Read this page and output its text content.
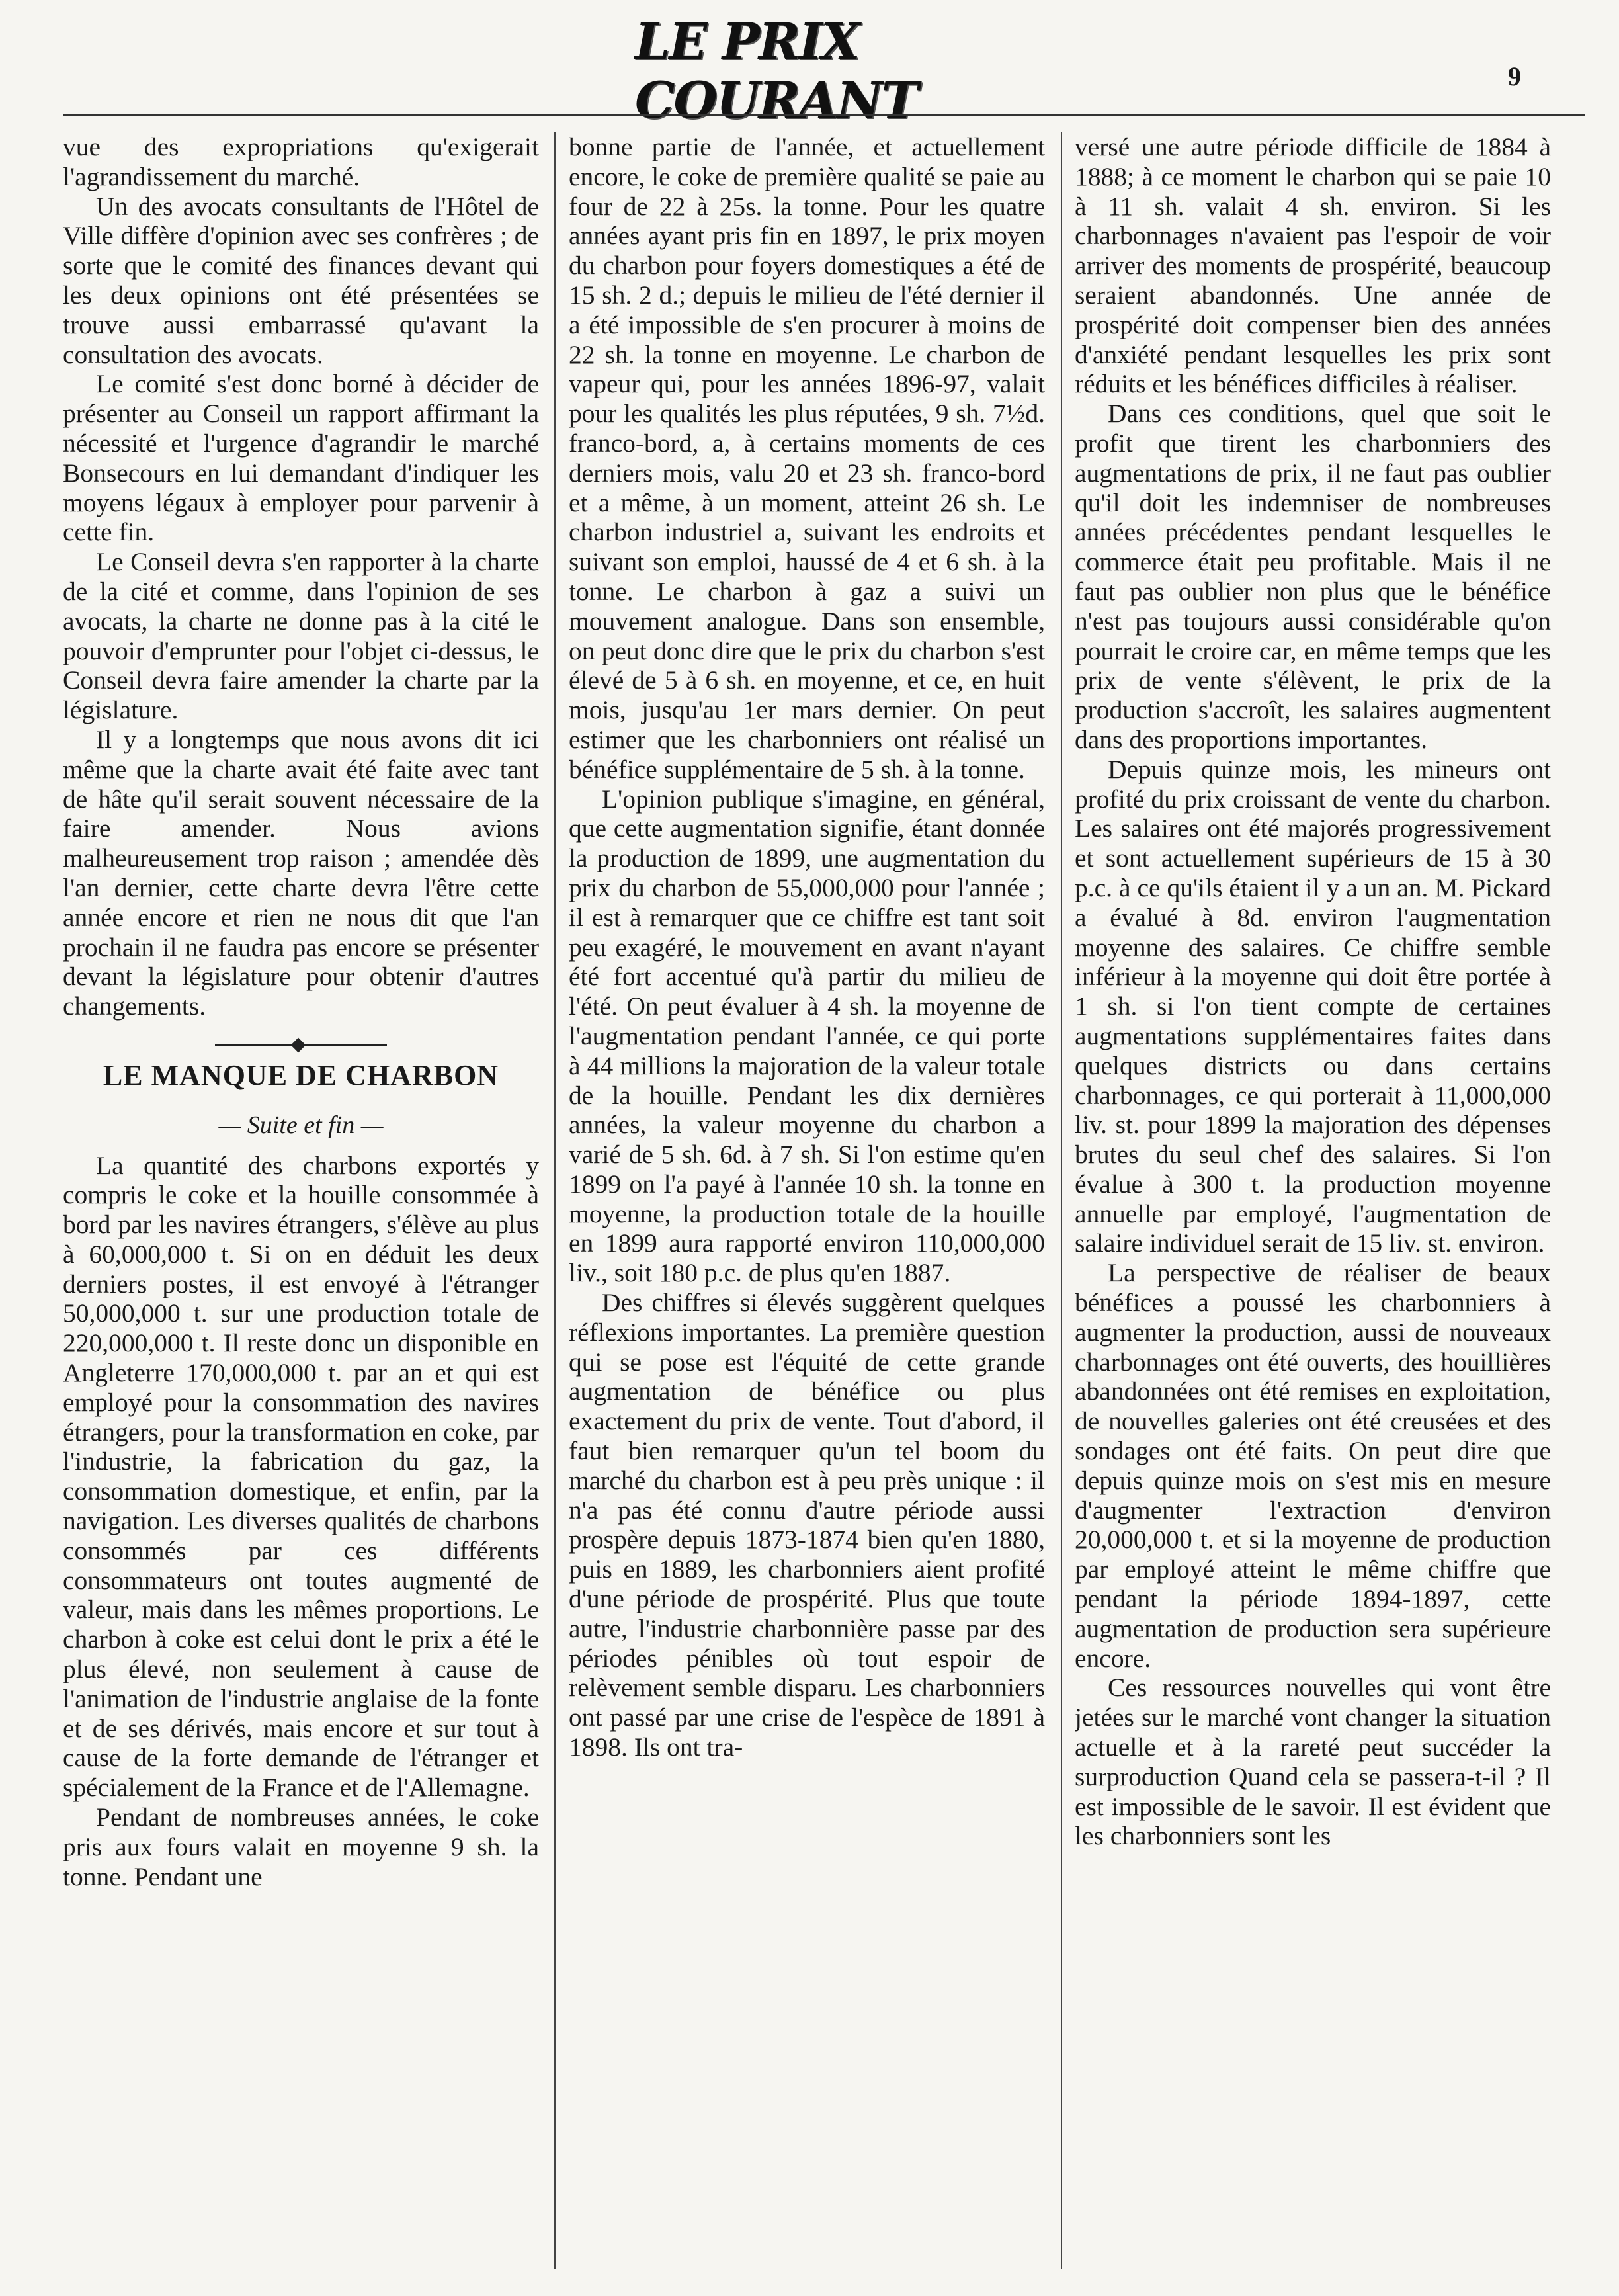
LE PRIX COURANT	9

vue des expropriations qu'exigerait l'agrandissement du marché.

Un des avocats consultants de l'Hôtel de Ville diffère d'opinion avec ses confrères ; de sorte que le comité des finances devant qui les deux opinions ont été présentées se trouve aussi embarrassé qu'avant la consultation des avocats.

Le comité s'est donc borné à décider de présenter au Conseil un rapport affirmant la nécessité et l'urgence d'agrandir le marché Bonsecours en lui demandant d'indiquer les moyens légaux à employer pour parvenir à cette fin.

Le Conseil devra s'en rapporter à la charte de la cité et comme, dans l'opinion de ses avocats, la charte ne donne pas à la cité le pouvoir d'emprunter pour l'objet ci-dessus, le Conseil devra faire amender la charte par la législature.

Il y a longtemps que nous avons dit ici même que la charte avait été faite avec tant de hâte qu'il serait souvent nécessaire de la faire amender. Nous avions malheureusement trop raison ; amendée dès l'an dernier, cette charte devra l'être cette année encore et rien ne nous dit que l'an prochain il ne faudra pas encore se présenter devant la législature pour obtenir d'autres changements.

LE MANQUE DE CHARBON
— Suite et fin —

La quantité des charbons exportés y compris le coke et la houille consommée à bord par les navires étrangers, s'élève au plus à 60,000,000 t. Si on en déduit les deux derniers postes, il est envoyé à l'étranger 50,000,000 t. sur une production totale de 220,000,000 t. Il reste donc un disponible en Angleterre 170,000,000 t. par an et qui est employé pour la consommation des navires étrangers, pour la transformation en coke, par l'industrie, la fabrication du gaz, la consommation domestique, et enfin, par la navigation. Les diverses qualités de charbons consommés par ces différents consommateurs ont toutes augmenté de valeur, mais dans les mêmes proportions. Le charbon à coke est celui dont le prix a été le plus élevé, non seulement à cause de l'animation de l'industrie anglaise de la fonte et de ses dérivés, mais encore et sur tout à cause de la forte demande de l'étranger et spécialement de la France et de l'Allemagne.

Pendant de nombreuses années, le coke pris aux fours valait en moyenne 9 sh. la tonne. Pendant une

bonne partie de l'année, et actuellement encore, le coke de première qualité se paie au four de 22 à 25s. la tonne. Pour les quatre années ayant pris fin en 1897, le prix moyen du charbon pour foyers domestiques a été de 15 sh. 2 d.; depuis le milieu de l'été dernier il a été impossible de s'en procurer à moins de 22 sh. la tonne en moyenne. Le charbon de vapeur qui, pour les années 1896-97, valait pour les qualités les plus réputées, 9 sh. 7½d. franco-bord, a, à certains moments de ces derniers mois, valu 20 et 23 sh. franco-bord et a même, à un moment, atteint 26 sh. Le charbon industriel a, suivant les endroits et suivant son emploi, haussé de 4 et 6 sh. à la tonne. Le charbon à gaz a suivi un mouvement analogue. Dans son ensemble, on peut donc dire que le prix du charbon s'est élevé de 5 à 6 sh. en moyenne, et ce, en huit mois, jusqu'au 1er mars dernier. On peut estimer que les charbonniers ont réalisé un bénéfice supplémentaire de 5 sh. à la tonne.

L'opinion publique s'imagine, en général, que cette augmentation signifie, étant donnée la production de 1899, une augmentation du prix du charbon de 55,000,000 pour l'année ; il est à remarquer que ce chiffre est tant soit peu exagéré, le mouvement en avant n'ayant été fort accentué qu'à partir du milieu de l'été. On peut évaluer à 4 sh. la moyenne de l'augmentation pendant l'année, ce qui porte à 44 millions la majoration de la valeur totale de la houille. Pendant les dix dernières années, la valeur moyenne du charbon a varié de 5 sh. 6d. à 7 sh. Si l'on estime qu'en 1899 on l'a payé à l'année 10 sh. la tonne en moyenne, la production totale de la houille en 1899 aura rapporté environ 110,000,000 liv., soit 180 p.c. de plus qu'en 1887.

Des chiffres si élevés suggèrent quelques réflexions importantes. La première question qui se pose est l'équité de cette grande augmentation de bénéfice ou plus exactement du prix de vente. Tout d'abord, il faut bien remarquer qu'un tel boom du marché du charbon est à peu près unique : il n'a pas été connu d'autre période aussi prospère depuis 1873-1874 bien qu'en 1880, puis en 1889, les charbonniers aient profité d'une période de prospérité. Plus que toute autre, l'industrie charbonnière passe par des périodes pénibles où tout espoir de relèvement semble disparu. Les charbonniers ont passé par une crise de l'espèce de 1891 à 1898. Ils ont tra-

versé une autre période difficile de 1884 à 1888; à ce moment le charbon qui se paie 10 à 11 sh. valait 4 sh. environ. Si les charbonnages n'avaient pas l'espoir de voir arriver des moments de prospérité, beaucoup seraient abandonnés. Une année de prospérité doit compenser bien des années d'anxiété pendant lesquelles les prix sont réduits et les bénéfices difficiles à réaliser.

Dans ces conditions, quel que soit le profit que tirent les charbonniers des augmentations de prix, il ne faut pas oublier qu'il doit les indemniser de nombreuses années précédentes pendant lesquelles le commerce était peu profitable. Mais il ne faut pas oublier non plus que le bénéfice n'est pas toujours aussi considérable qu'on pourrait le croire car, en même temps que les prix de vente s'élèvent, le prix de la production s'accroît, les salaires augmentent dans des proportions importantes.

Depuis quinze mois, les mineurs ont profité du prix croissant de vente du charbon. Les salaires ont été majorés progressivement et sont actuellement supérieurs de 15 à 30 p.c. à ce qu'ils étaient il y a un an. M. Pickard a évalué à 8d. environ l'augmentation moyenne des salaires. Ce chiffre semble inférieur à la moyenne qui doit être portée à 1 sh. si l'on tient compte de certaines augmentations supplémentaires faites dans quelques districts ou dans certains charbonnages, ce qui porterait à 11,000,000 liv. st. pour 1899 la majoration des dépenses brutes du seul chef des salaires. Si l'on évalue à 300 t. la production moyenne annuelle par employé, l'augmentation de salaire individuel serait de 15 liv. st. environ.

La perspective de réaliser de beaux bénéfices a poussé les charbonniers à augmenter la production, aussi de nouveaux charbonnages ont été ouverts, des houillières abandonnées ont été remises en exploitation, de nouvelles galeries ont été creusées et des sondages ont été faits. On peut dire que depuis quinze mois on s'est mis en mesure d'augmenter l'extraction d'environ 20,000,000 t. et si la moyenne de production par employé atteint le même chiffre que pendant la période 1894-1897, cette augmentation de production sera supérieure encore.

Ces ressources nouvelles qui vont être jetées sur le marché vont changer la situation actuelle et à la rareté peut succéder la surproduction Quand cela se passera-t-il ? Il est impossible de le savoir. Il est évident que les charbonniers sont les
